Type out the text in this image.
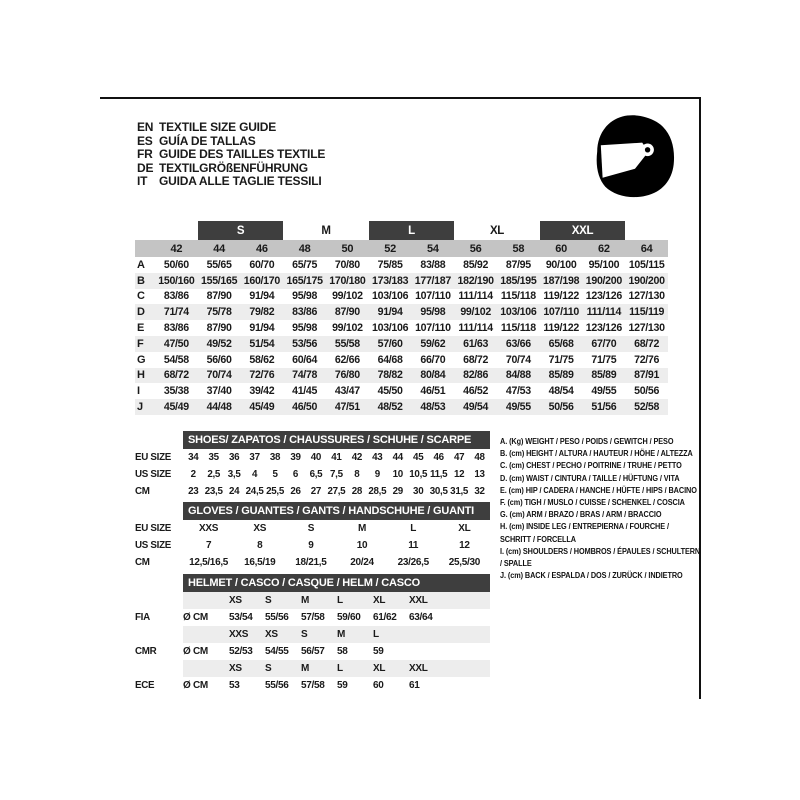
EN TEXTILE SIZE GUIDE
ES GUÍA DE TALLAS
FR GUIDE DES TAILLES TEXTILE
DE TEXTILGRÖßENFÜHRUNG
IT GUIDA ALLE TAGLIE TESSILI
		S		M		L		XL		XXL		
	42	44	46	48	50	52	54	56	58	60	62	64
A	50/60	55/65	60/70	65/75	70/80	75/85	83/88	85/92	87/95	90/100	95/100	105/115
B	150/160	155/165	160/170	165/175	170/180	173/183	177/187	182/190	185/195	187/198	190/200	190/200
C	83/86	87/90	91/94	95/98	99/102	103/106	107/110	111/114	115/118	119/122	123/126	127/130
D	71/74	75/78	79/82	83/86	87/90	91/94	95/98	99/102	103/106	107/110	111/114	115/119
E	83/86	87/90	91/94	95/98	99/102	103/106	107/110	111/114	115/118	119/122	123/126	127/130
F	47/50	49/52	51/54	53/56	55/58	57/60	59/62	61/63	63/66	65/68	67/70	68/72
G	54/58	56/60	58/62	60/64	62/66	64/68	66/70	68/72	70/74	71/75	71/75	72/76
H	68/72	70/74	72/76	74/78	76/80	78/82	80/84	82/86	84/88	85/89	85/89	87/91
I	35/38	37/40	39/42	41/45	43/47	45/50	46/51	46/52	47/53	48/54	49/55	50/56
J	45/49	44/48	45/49	46/50	47/51	48/52	48/53	49/54	49/55	50/56	51/56	52/58
	SHOES/ ZAPATOS / CHAUSSURES / SCHUHE / SCARPE														
EU SIZE	34	35	36	37	38	39	40	41	42	43	44	45	46	47	48
US SIZE	2	2,5	3,5	4	5	6	6,5	7,5	8	9	10	10,5	11,5	12	13
CM	23	23,5	24	24,5	25,5	26	27	27,5	28	28,5	29	30	30,5	31,5	32
	GLOVES / GUANTES / GANTS / HANDSCHUHE / GUANTI					
EU SIZE	XXS	XS	S	M	L	XL
US SIZE	7	8	9	10	11	12
CM	12,5/16,5	16,5/19	18/21,5	20/24	23/26,5	25,5/30
	HELMET / CASCO / CASQUE / HELM / CASCO							
		XS	S	M	L	XL	XXL	
FIA	Ø CM	53/54	55/56	57/58	59/60	61/62	63/64	
		XXS	XS	S	M	L		
CMR	Ø CM	52/53	54/55	56/57	58	59		
		XS	S	M	L	XL	XXL	
ECE	Ø CM	53	55/56	57/58	59	60	61	
A. (Kg) WEIGHT / PESO / POIDS / GEWITCH / PESO
B. (cm) HEIGHT / ALTURA / HAUTEUR / HÖHE / ALTEZZA
C. (cm) CHEST / PECHO / POITRINE / TRUHE / PETTO
D. (cm) WAIST / CINTURA / TAILLE / HÜFTUNG / VITA
E. (cm) HIP / CADERA / HANCHE / HÜFTE / HIPS / BACINO
F. (cm) TIGH / MUSLO / CUISSE / SCHENKEL / COSCIA
G. (cm) ARM / BRAZO / BRAS / ARM / BRACCIO
H. (cm) INSIDE LEG / ENTREPIERNA / FOURCHE / SCHRITT / FORCELLA
I. (cm) SHOULDERS / HOMBROS / ÉPAULES / SCHULTERN / SPALLE
J. (cm) BACK / ESPALDA / DOS / ZURÜCK / INDIETRO
